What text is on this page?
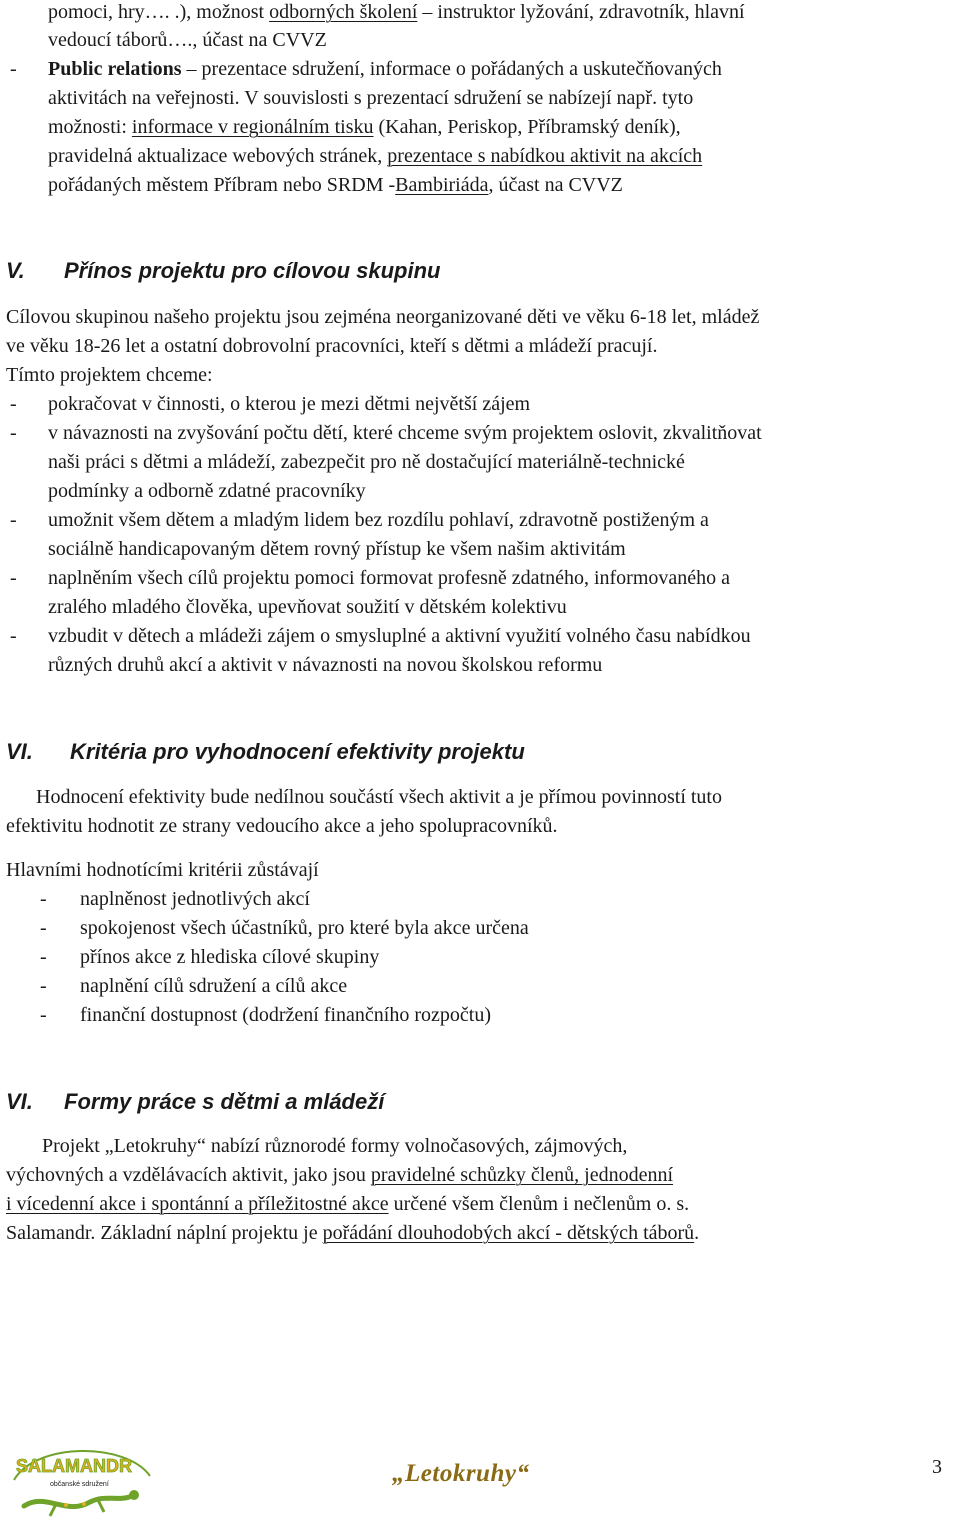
pomoci, hry…. .), možnost odborných školení – instruktor lyžování, zdravotník, hlavní
vedoucí táborů…., účast na CVVZ
- Public relations – prezentace sdružení, informace o pořádaných a uskutečňovaných
aktivitách na veřejnosti. V souvislosti s prezentací sdružení se nabízejí např. tyto
možnosti: informace v regionálním tisku (Kahan, Periskop, Příbramský deník),
pravidelná aktualizace webových stránek, prezentace s nabídkou aktivit na akcích
pořádaných městem Příbram nebo SRDM -Bambiriáda, účast na CVVZ
V. Přínos projektu pro cílovou skupinu
Cílovou skupinou našeho projektu jsou zejména neorganizované děti ve věku 6-18 let, mládež
ve věku 18-26 let a ostatní dobrovolní pracovníci, kteří s dětmi a mládeží pracují.
Tímto projektem chceme:
- pokračovat v činnosti, o kterou je mezi dětmi největší zájem
- v návaznosti na zvyšování počtu dětí, které chceme svým projektem oslovit, zkvalitňovat
naši práci s dětmi a mládeží, zabezpečit pro ně dostačující materiálně-technické
podmínky a odborně zdatné pracovníky
- umožnit všem dětem a mladým lidem bez rozdílu pohlaví, zdravotně postiženým a
sociálně handicapovaným dětem rovný přístup ke všem našim aktivitám
- naplněním všech cílů projektu pomoci formovat profesně zdatného, informovaného a
zralého mladého člověka, upevňovat soužití v dětském kolektivu
- vzbudit v dětech a mládeži zájem o smysluplné a aktivní využití volného času nabídkou
různých druhů akcí a aktivit v návaznosti na novou školskou reformu
VI. Kritéria pro vyhodnocení efektivity projektu
Hodnocení efektivity bude nedílnou součástí všech aktivit a je přímou povinností tuto
efektivitu hodnotit ze strany vedoucího akce a jeho spolupracovníků.
Hlavními hodnotícími kritérii zůstávají
- naplněnost jednotlivých akcí
- spokojenost všech účastníků, pro které byla akce určena
- přínos akce z hlediska cílové skupiny
- naplnění cílů sdružení a cílů akce
- finanční dostupnost (dodržení finančního rozpočtu)
VI. Formy práce s dětmi a mládeží
Projekt „Letokruhy“ nabízí různorodé formy volnočasových, zájmových,
výchovných a vzdělávacích aktivit, jako jsou pravidelné schůzky členů, jednodenní
i vícedenní akce i spontánní a příležitostné akce určené všem členům i nečlenům o. s.
Salamandr. Základní náplní projektu je pořádání dlouhodobých akcí - dětských táborů.
SALAMANDR
občanské sdružení	„Letokruhy“	3
